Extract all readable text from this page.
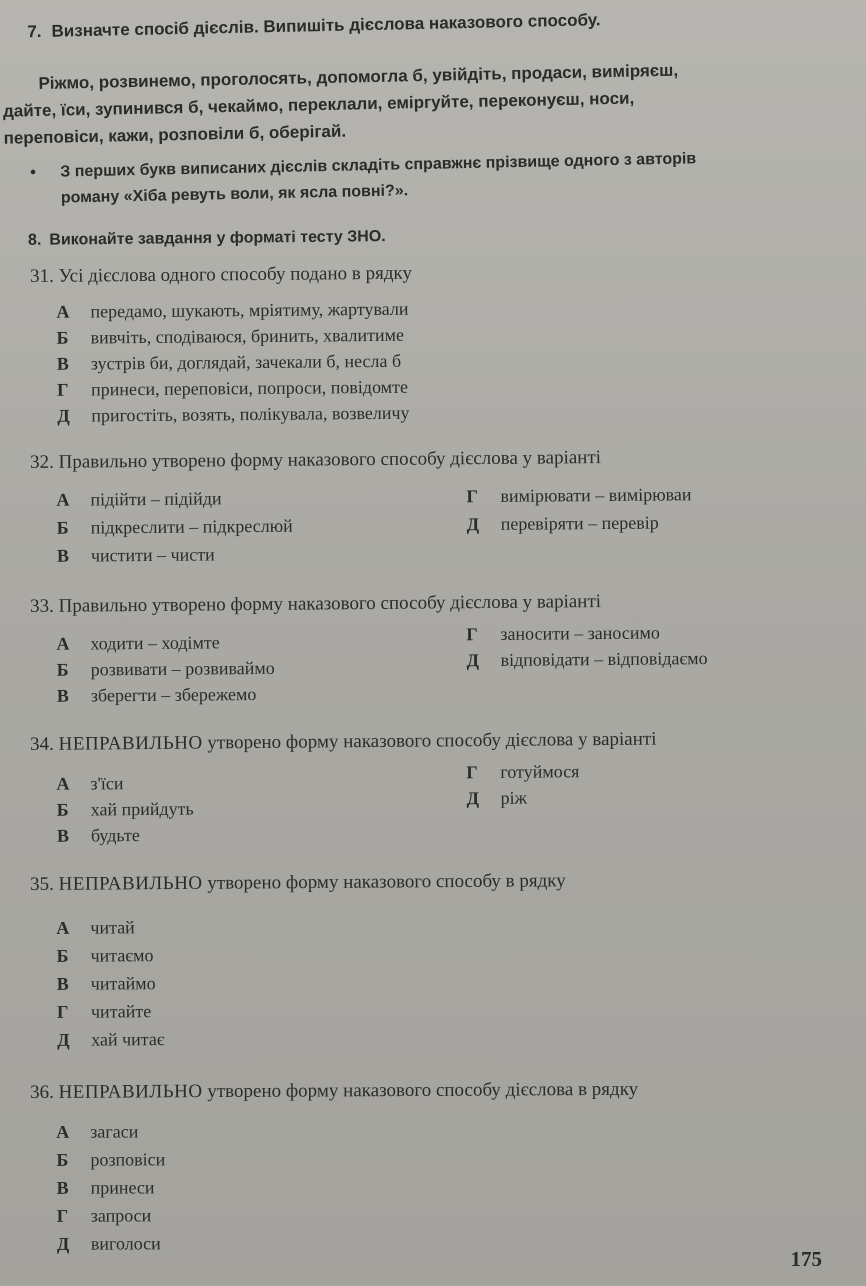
7. Визначте спосіб дієслів. Випишіть дієслова наказового способу.
Ріжмо, розвинемо, проголосять, допомогла б, увійдіть, продаси, виміряєш,
дайте, їси, зупинився б, чекаймо, переклали, еміргуйте, переконуєш, носи,
переповіси, кажи, розповіли б, оберігай.
•	З перших букв виписаних дієслів складіть справжнє прізвище одного з авторів
роману «Хіба ревуть воли, як ясла повні?».
8. Виконайте завдання у форматі тесту ЗНО.
31. Усі дієслова одного способу подано в рядку
А передамо, шукають, мріятиму, жартували
Б вивчіть, сподіваюся, бринить, хвалитиме
В зустрів би, доглядай, зачекали б, несла б
Г принеси, переповіси, попроси, повідомте
Д пригостіть, возять, полікувала, возвеличу
32. Правильно утворено форму наказового способу дієслова у варіанті
А підійти – підійди
Б підкреслити – підкреслюй
В чистити – чисти
Г вимірювати – вимірюваи
Д перевіряти – перевір
33. Правильно утворено форму наказового способу дієслова у варіанті
А ходити – ходімте
Б розвивати – розвиваймо
В зберегти – збережемо
Г заносити – заносимо
Д відповідати – відповідаємо
34. НЕПРАВИЛЬНО утворено форму наказового способу дієслова у варіанті
А з'їси
Б хай прийдуть
В будьте
Г готуймося
Д ріж
35. НЕПРАВИЛЬНО утворено форму наказового способу в рядку
А читай
Б читаємо
В читаймо
Г читайте
Д хай читає
36. НЕПРАВИЛЬНО утворено форму наказового способу дієслова в рядку
А загаси
Б розповіси
В принеси
Г запроси
Д виголоси
175
